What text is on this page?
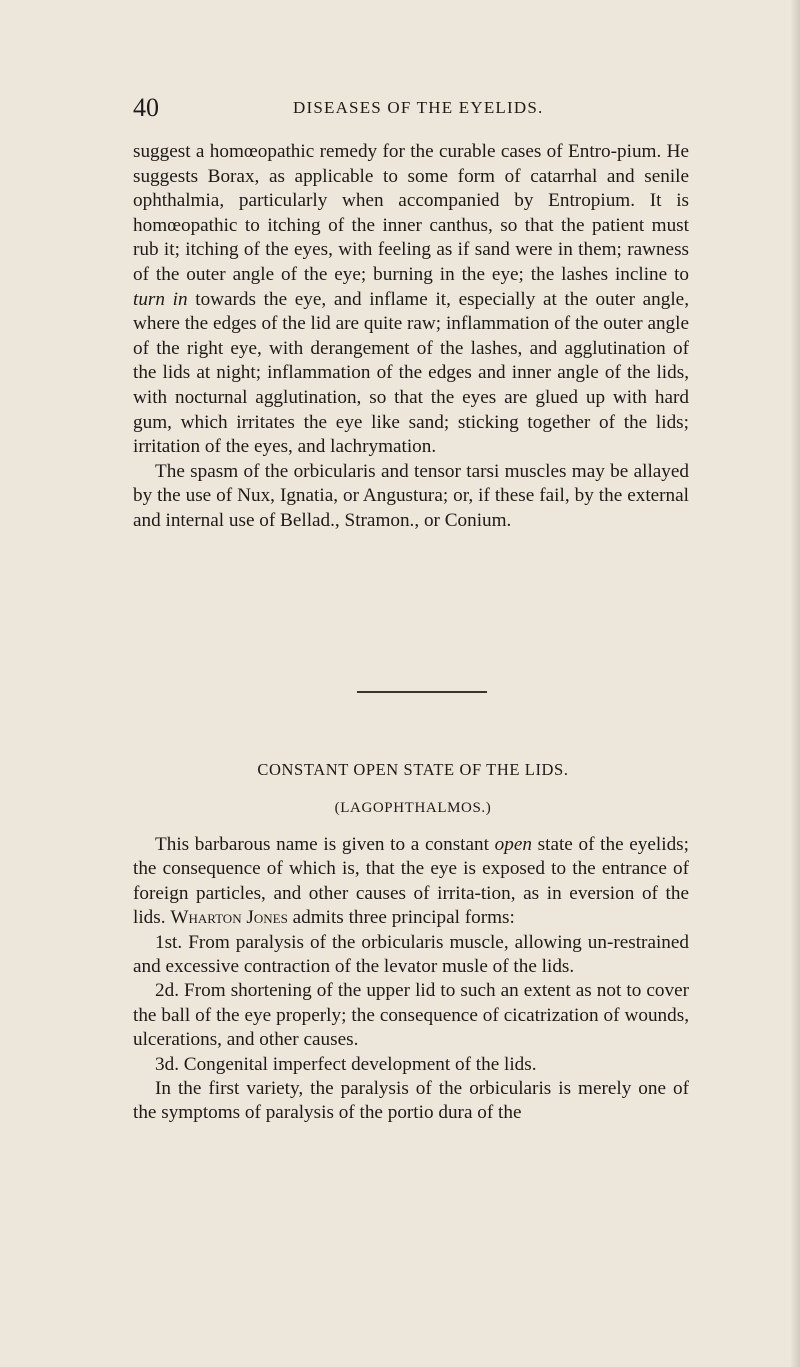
40	DISEASES OF THE EYELIDS.

suggest a homœopathic remedy for the curable cases of Entro-pium. He suggests Borax, as applicable to some form of catarrhal and senile ophthalmia, particularly when accompanied by Entropium. It is homœopathic to itching of the inner canthus, so that the patient must rub it; itching of the eyes, with feeling as if sand were in them; rawness of the outer angle of the eye; burning in the eye; the lashes incline to turn in towards the eye, and inflame it, especially at the outer angle, where the edges of the lid are quite raw; inflammation of the outer angle of the right eye, with derangement of the lashes, and agglutination of the lids at night; inflammation of the edges and inner angle of the lids, with nocturnal agglutination, so that the eyes are glued up with hard gum, which irritates the eye like sand; sticking together of the lids; irritation of the eyes, and lachrymation.

The spasm of the orbicularis and tensor tarsi muscles may be allayed by the use of Nux, Ignatia, or Angustura; or, if these fail, by the external and internal use of Bellad., Stramon., or Conium.

CONSTANT OPEN STATE OF THE LIDS.
(LAGOPHTHALMOS.)

This barbarous name is given to a constant open state of the eyelids; the consequence of which is, that the eye is exposed to the entrance of foreign particles, and other causes of irrita-tion, as in eversion of the lids. Wharton Jones admits three principal forms:

1st. From paralysis of the orbicularis muscle, allowing un-restrained and excessive contraction of the levator musle of the lids.

2d. From shortening of the upper lid to such an extent as not to cover the ball of the eye properly; the consequence of cicatrization of wounds, ulcerations, and other causes.

3d. Congenital imperfect development of the lids.

In the first variety, the paralysis of the orbicularis is merely one of the symptoms of paralysis of the portio dura of the
